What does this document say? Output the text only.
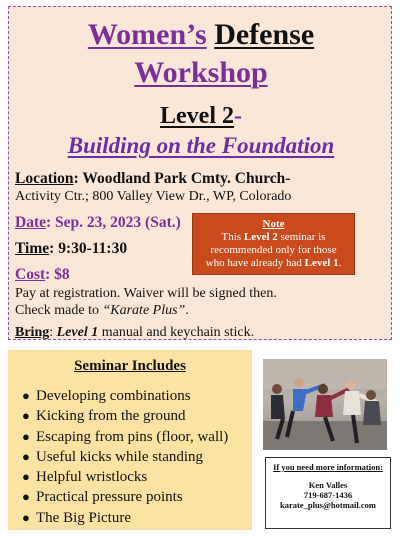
Women’s Defense
Workshop
Level 2-
Building on the Foundation
Location: Woodland Park Cmty. Church-
Activity Ctr.; 800 Valley View Dr., WP, Colorado
Date: Sep. 23, 2023 (Sat.)
Time: 9:30-11:30
Cost: $8
Pay at registration. Waiver will be signed then.
Check made to “Karate Plus”.
Bring: Level 1 manual and keychain stick.
Note
This Level 2 seminar is
recommended only for those
who have already had Level 1.
Seminar Includes
● Developing combinations
● Kicking from the ground
● Escaping from pins (floor, wall)
● Useful kicks while standing
● Helpful wristlocks
● Practical pressure points
● The Big Picture
If you need more information:
Ken Valles
719-687-1436
karate_plus@hotmail.com
